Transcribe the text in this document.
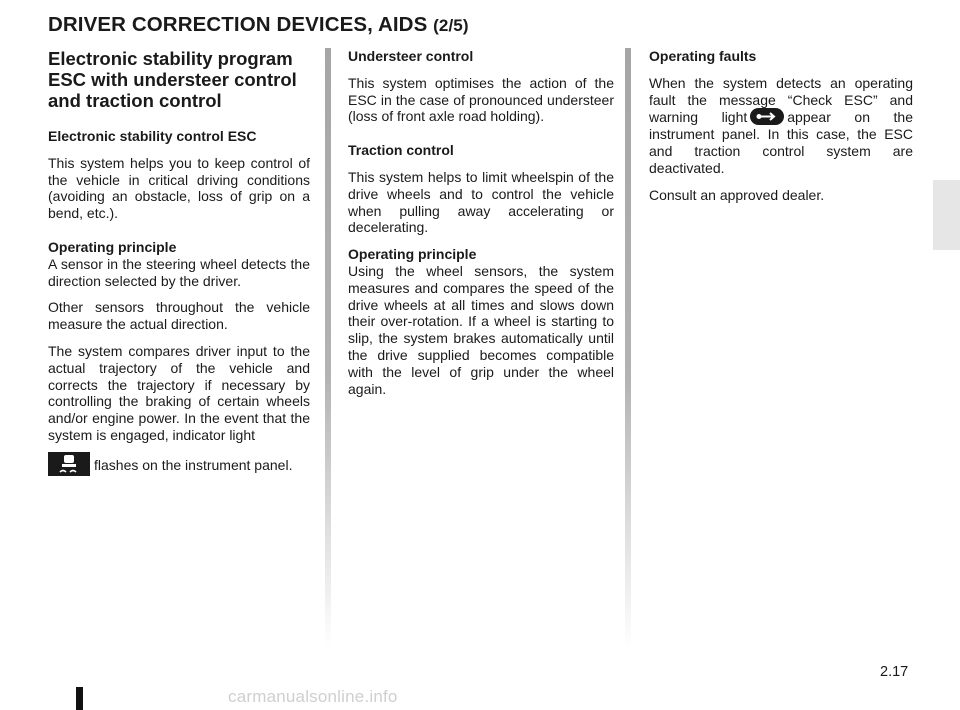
DRIVER CORRECTION DEVICES, AIDS (2/5)
Electronic stability program ESC with understeer control and traction control

Electronic stability control ESC

This system helps you to keep control of the vehicle in critical driving conditions (avoiding an obstacle, loss of grip on a bend, etc.).

Operating principle

A sensor in the steering wheel detects the direction selected by the driver.

Other sensors throughout the vehicle measure the actual direction.

The system compares driver input to the actual trajectory of the vehicle and corrects the trajectory if necessary by controlling the braking of certain wheels and/or engine power. In the event that the system is engaged, indicator light

flashes on the instrument panel.

Understeer control

This system optimises the action of the ESC in the case of pronounced understeer (loss of front axle road holding).

Traction control

This system helps to limit wheelspin of the drive wheels and to control the vehicle when pulling away accelerating or decelerating.

Operating principle

Using the wheel sensors, the system measures and compares the speed of the drive wheels at all times and slows down their over-rotation. If a wheel is starting to slip, the system brakes automatically until the drive supplied becomes compatible with the level of grip under the wheel again.

Operating faults

When the system detects an operating fault the message “Check ESC” and warning light	appear on the instrument panel. In this case, the ESC and traction control system are deactivated.

Consult an approved dealer.

2.17
carmanualsonline.info
